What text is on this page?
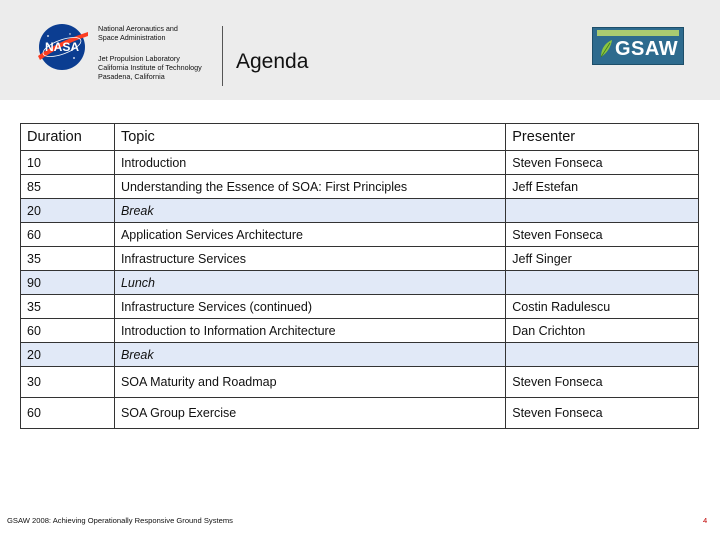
NASA
National Aeronautics and
Space Administration
Jet Propulsion Laboratory
California Institute of Technology
Pasadena, California
Agenda
GSAW
Duration	Topic	Presenter
10	Introduction	Steven Fonseca
85	Understanding the Essence of SOA: First Principles	Jeff Estefan
20	Break	
60	Application Services Architecture	Steven Fonseca
35	Infrastructure Services	Jeff Singer
90	Lunch	
35	Infrastructure Services (continued)	Costin Radulescu
60	Introduction to Information Architecture	Dan Crichton
20	Break	
30	SOA Maturity and Roadmap	Steven Fonseca
60	SOA Group Exercise	Steven Fonseca
GSAW 2008: Achieving Operationally Responsive Ground Systems	4
